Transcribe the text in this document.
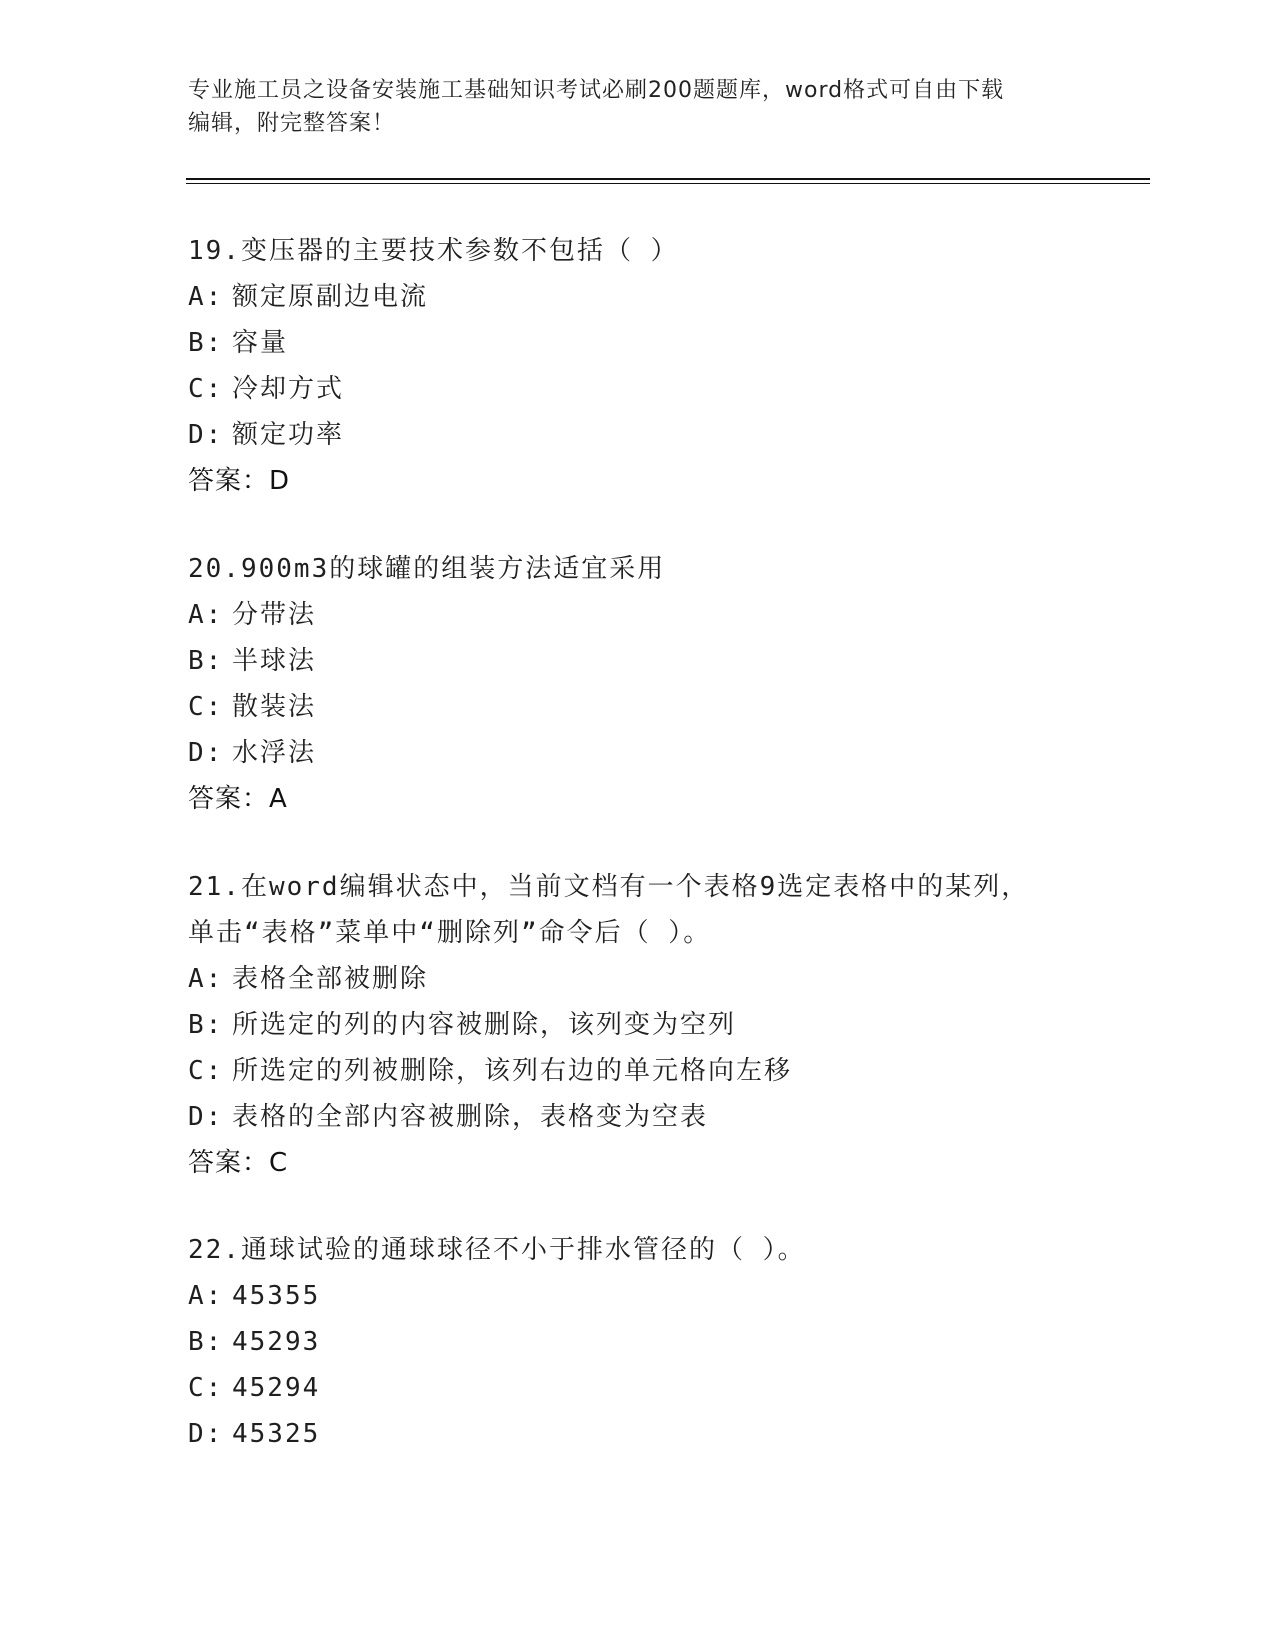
专业施工员之设备安装施工基础知识考试必刷200题题库，word格式可自由下载
编辑，附完整答案！
19.变压器的主要技术参数不包括（ ）
A: 额定原副边电流
B: 容量
C: 冷却方式
D: 额定功率
答案：D
20.900m3的球罐的组装方法适宜采用
A: 分带法
B: 半球法
C: 散装法
D: 水浮法
答案：A
21.在word编辑状态中，当前文档有一个表格9选定表格中的某列，
单击“表格”菜单中“删除列”命令后（ ）。
A: 表格全部被删除
B: 所选定的列的内容被删除，该列变为空列
C: 所选定的列被删除，该列右边的单元格向左移
D: 表格的全部内容被删除，表格变为空表
答案：C
22.通球试验的通球球径不小于排水管径的（ ）。
A: 45355
B: 45293
C: 45294
D: 45325
